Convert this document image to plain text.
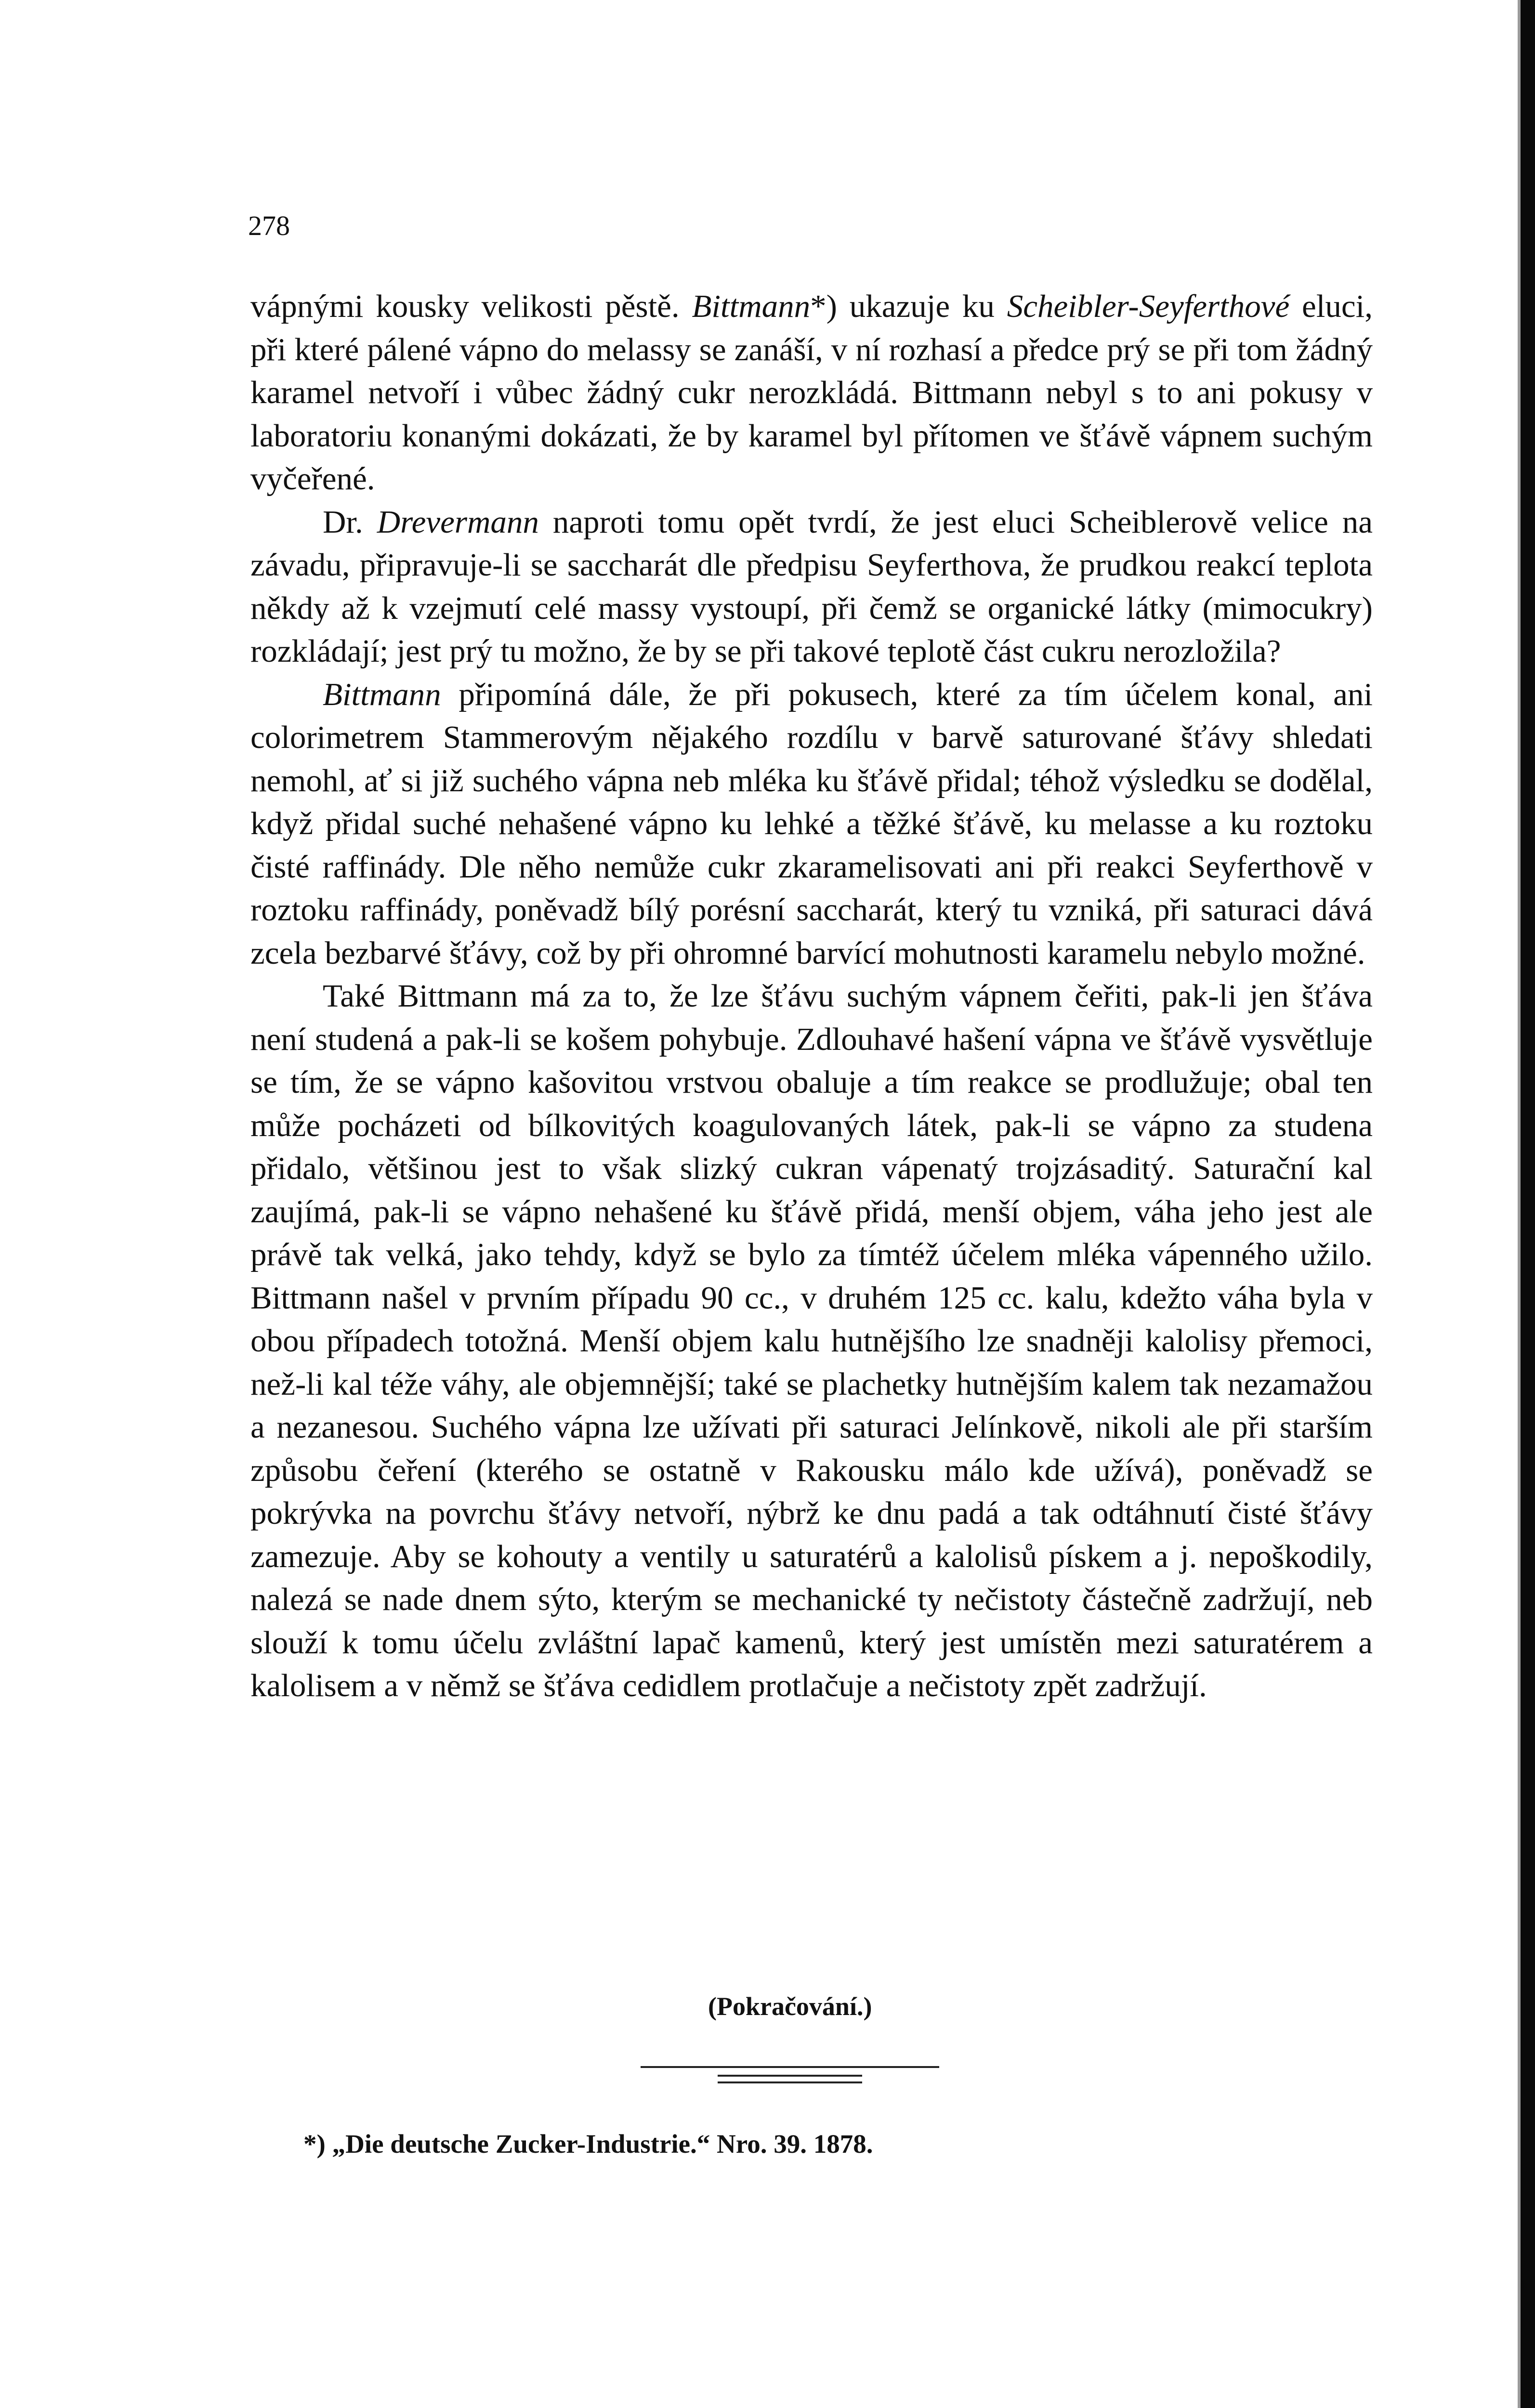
278

vápnými kousky velikosti pěstě. Bittmann*) ukazuje ku Scheibler-Seyferthové eluci, při které pálené vápno do melassy se zanáší, v ní rozhasí a předce prý se při tom žádný karamel netvoří i vůbec žádný cukr nerozkládá. Bittmann nebyl s to ani pokusy v laboratoriu konanými dokázati, že by karamel byl přítomen ve šťávě vápnem suchým vyčeřené.

Dr. Drevermann naproti tomu opět tvrdí, že jest eluci Scheiblerově velice na závadu, připravuje-li se saccharát dle předpisu Seyferthova, že prudkou reakcí teplota někdy až k vzejmutí celé massy vystoupí, při čemž se organické látky (mimocukry) rozkládají; jest prý tu možno, že by se při takové teplotě část cukru nerozložila?

Bittmann připomíná dále, že při pokusech, které za tím účelem konal, ani colorimetrem Stammerovým nějakého rozdílu v barvě saturované šťávy shledati nemohl, ať si již suchého vápna neb mléka ku šťávě přidal; téhož výsledku se dodělal, když přidal suché nehašené vápno ku lehké a těžké šťávě, ku melasse a ku roztoku čisté raffinády. Dle něho nemůže cukr zkaramelisovati ani při reakci Seyferthově v roztoku raffinády, poněvadž bílý porésní saccharát, který tu vzniká, při saturaci dává zcela bezbarvé šťávy, což by při ohromné barvící mohutnosti karamelu nebylo možné.

Také Bittmann má za to, že lze šťávu suchým vápnem čeřiti, pak-li jen šťáva není studená a pak-li se košem pohybuje. Zdlouhavé hašení vápna ve šťávě vysvětluje se tím, že se vápno kašovitou vrstvou obaluje a tím reakce se prodlužuje; obal ten může pocházeti od bílkovitých koagulovaných látek, pak-li se vápno za studena přidalo, většinou jest to však slizký cukran vápenatý trojzásaditý. Saturační kal zaujímá, pak-li se vápno nehašené ku šťávě přidá, menší objem, váha jeho jest ale právě tak velká, jako tehdy, když se bylo za tímtéž účelem mléka vápenného užilo. Bittmann našel v prvním případu 90 cc., v druhém 125 cc. kalu, kdežto váha byla v obou případech totožná. Menší objem kalu hutnějšího lze snadněji kalolisy přemoci, než-li kal téže váhy, ale objemnější; také se plachetky hutnějším kalem tak nezamažou a nezanesou. Suchého vápna lze užívati při saturaci Jelínkově, nikoli ale při starším způsobu čeření (kterého se ostatně v Rakousku málo kde užívá), poněvadž se pokrývka na povrchu šťávy netvoří, nýbrž ke dnu padá a tak odtáhnutí čisté šťávy zamezuje. Aby se kohouty a ventily u saturatérů a kalolisů pískem a j. nepoškodily, nalezá se nade dnem sýto, kterým se mechanické ty nečistoty částečně zadržují, neb slouží k tomu účelu zvláštní lapač kamenů, který jest umístěn mezi saturatérem a kalolisem a v němž se šťáva cedidlem protlačuje a nečistoty zpět zadržují.

(Pokračování.)
*) „Die deutsche Zucker-Industrie.“ Nro. 39. 1878.
